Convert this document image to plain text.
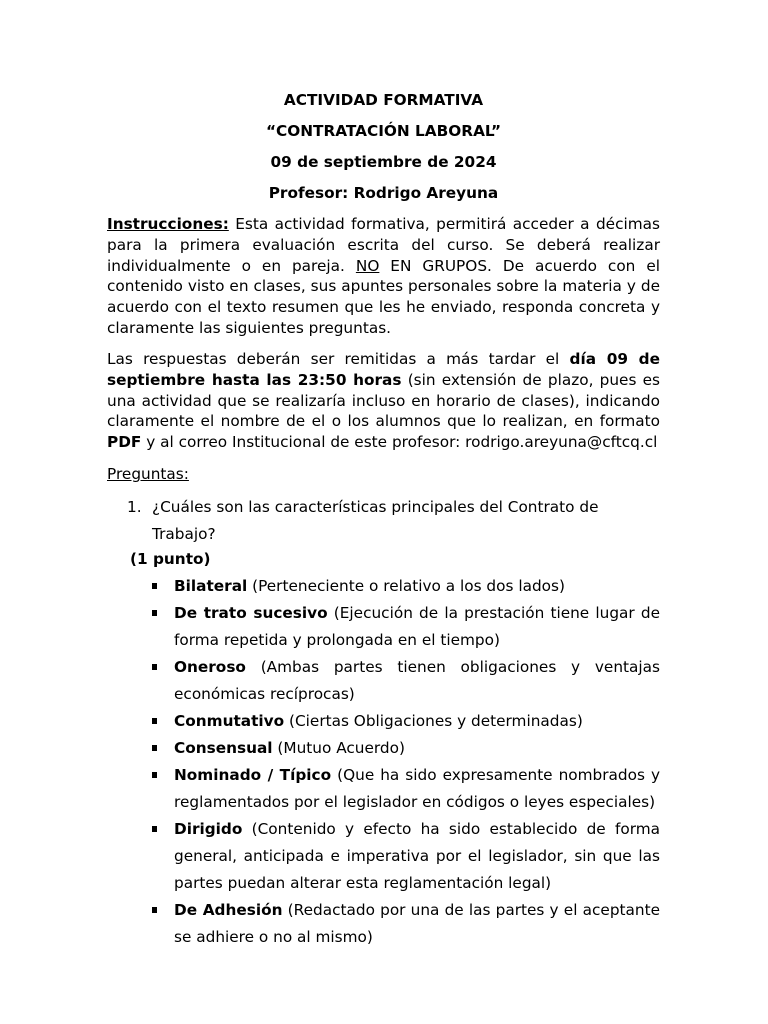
ACTIVIDAD FORMATIVA
“CONTRATACIÓN LABORAL”
09 de septiembre de 2024
Profesor: Rodrigo Areyuna
Instrucciones: Esta actividad formativa, permitirá acceder a décimas para la primera evaluación escrita del curso. Se deberá realizar individualmente o en pareja. NO EN GRUPOS. De acuerdo con el contenido visto en clases, sus apuntes personales sobre la materia y de acuerdo con el texto resumen que les he enviado, responda concreta y claramente las siguientes preguntas.
Las respuestas deberán ser remitidas a más tardar el día 09 de septiembre hasta las 23:50 horas (sin extensión de plazo, pues es una actividad que se realizaría incluso en horario de clases), indicando claramente el nombre de el o los alumnos que lo realizan, en formato PDF y al correo Institucional de este profesor: rodrigo.areyuna@cftcq.cl
Preguntas:
1. ¿Cuáles son las características principales del Contrato de Trabajo?
(1 punto)
Bilateral (Perteneciente o relativo a los dos lados)
De trato sucesivo (Ejecución de la prestación tiene lugar de forma repetida y prolongada en el tiempo)
Oneroso (Ambas partes tienen obligaciones y ventajas económicas recíprocas)
Conmutativo (Ciertas Obligaciones y determinadas)
Consensual (Mutuo Acuerdo)
Nominado / Típico (Que ha sido expresamente nombrados y reglamentados por el legislador en códigos o leyes especiales)
Dirigido (Contenido y efecto ha sido establecido de forma general, anticipada e imperativa por el legislador, sin que las partes puedan alterar esta reglamentación legal)
De Adhesión (Redactado por una de las partes y el aceptante se adhiere o no al mismo)
